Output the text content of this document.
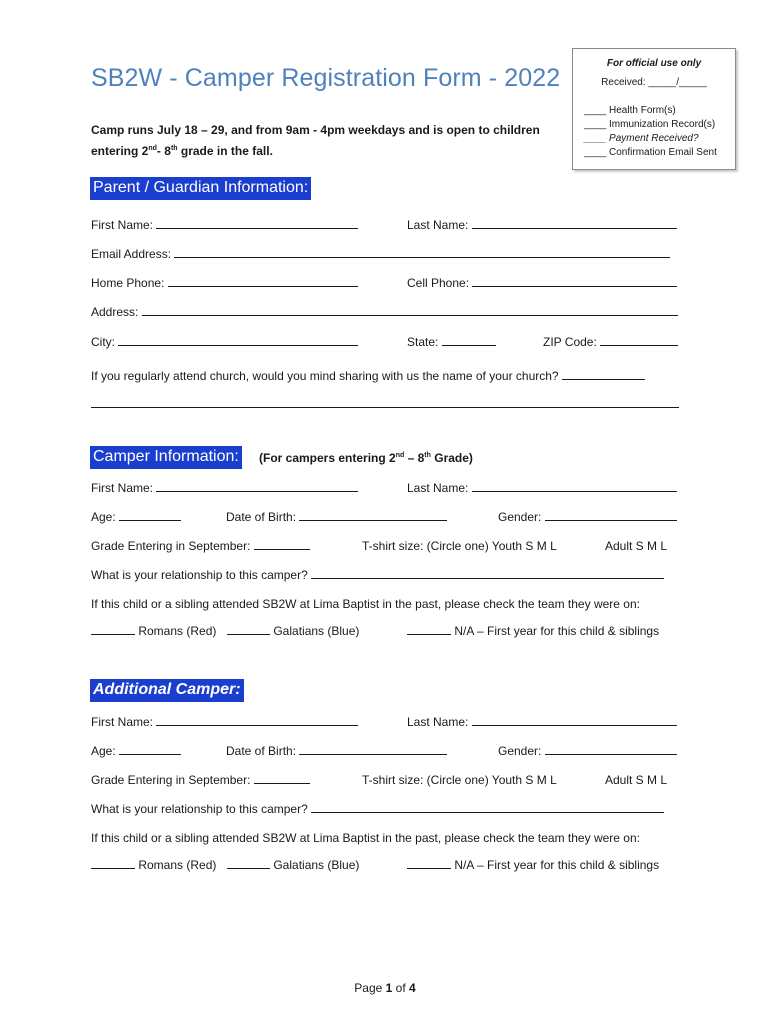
SB2W - Camper Registration Form - 2022
Camp runs July 18 – 29, and from 9am - 4pm weekdays and is open to children
entering 2nd- 8th grade in the fall.
For official use only
Received: _____/_____
____ Health Form(s)
____ Immunization Record(s)
____ Payment Received?
____ Confirmation Email Sent
Parent / Guardian Information:
First Name:	Last Name:
Email Address:
Home Phone:	Cell Phone:
Address:
City:	State:	ZIP Code:
If you regularly attend church, would you mind sharing with us the name of your church?
Camper Information: (For campers entering 2nd – 8th Grade)
First Name:	Last Name:
Age:	Date of Birth:	Gender:
Grade Entering in September:	T-shirt size: (Circle one) Youth S M L	Adult S M L
What is your relationship to this camper?
If this child or a sibling attended SB2W at Lima Baptist in the past, please check the team they were on:
Romans (Red)	Galatians (Blue)	N/A – First year for this child & siblings
Additional Camper:
First Name:	Last Name:
Age:	Date of Birth:	Gender:
Grade Entering in September:	T-shirt size: (Circle one) Youth S M L	Adult S M L
What is your relationship to this camper?
If this child or a sibling attended SB2W at Lima Baptist in the past, please check the team they were on:
Romans (Red)	Galatians (Blue)	N/A – First year for this child & siblings
Page 1 of 4
